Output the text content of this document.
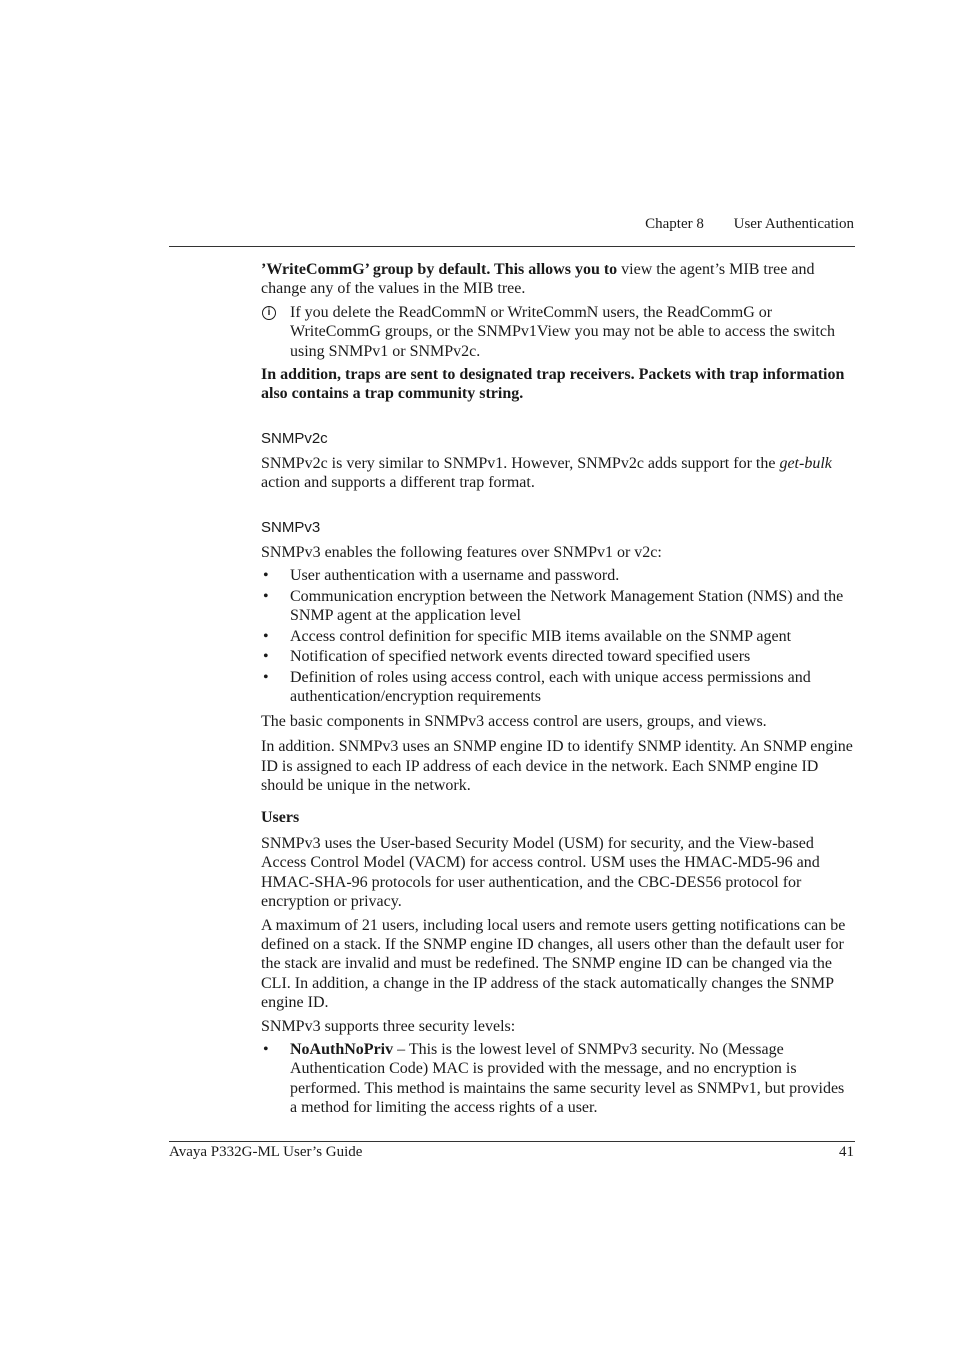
Chapter 8 User Authentication

’WriteCommG’ group by default. This allows you to view the agent’s MIB tree and change any of the values in the MIB tree.

i	If you delete the ReadCommN or WriteCommN users, the ReadCommG or WriteCommG groups, or the SNMPv1View you may not be able to access the switch using SNMPv1 or SNMPv2c.

In addition, traps are sent to designated trap receivers. Packets with trap information also contains a trap community string.

SNMPv2c

SNMPv2c is very similar to SNMPv1. However, SNMPv2c adds support for the get-bulk action and supports a different trap format.

SNMPv3

SNMPv3 enables the following features over SNMPv1 or v2c:

• User authentication with a username and password.
• Communication encryption between the Network Management Station (NMS) and the SNMP agent at the application level
• Access control definition for specific MIB items available on the SNMP agent
• Notification of specified network events directed toward specified users
• Definition of roles using access control, each with unique access permissions and authentication/encryption requirements

The basic components in SNMPv3 access control are users, groups, and views.

In addition. SNMPv3 uses an SNMP engine ID to identify SNMP identity. An SNMP engine ID is assigned to each IP address of each device in the network. Each SNMP engine ID should be unique in the network.

Users

SNMPv3 uses the User-based Security Model (USM) for security, and the View-based Access Control Model (VACM) for access control. USM uses the HMAC-MD5-96 and HMAC-SHA-96 protocols for user authentication, and the CBC-DES56 protocol for encryption or privacy.

A maximum of 21 users, including local users and remote users getting notifications can be defined on a stack. If the SNMP engine ID changes, all users other than the default user for the stack are invalid and must be redefined. The SNMP engine ID can be changed via the CLI. In addition, a change in the IP address of the stack automatically changes the SNMP engine ID.

SNMPv3 supports three security levels:

• NoAuthNoPriv – This is the lowest level of SNMPv3 security. No (Message Authentication Code) MAC is provided with the message, and no encryption is performed. This method is maintains the same security level as SNMPv1, but provides a method for limiting the access rights of a user.
Avaya P332G-ML User’s Guide	41
